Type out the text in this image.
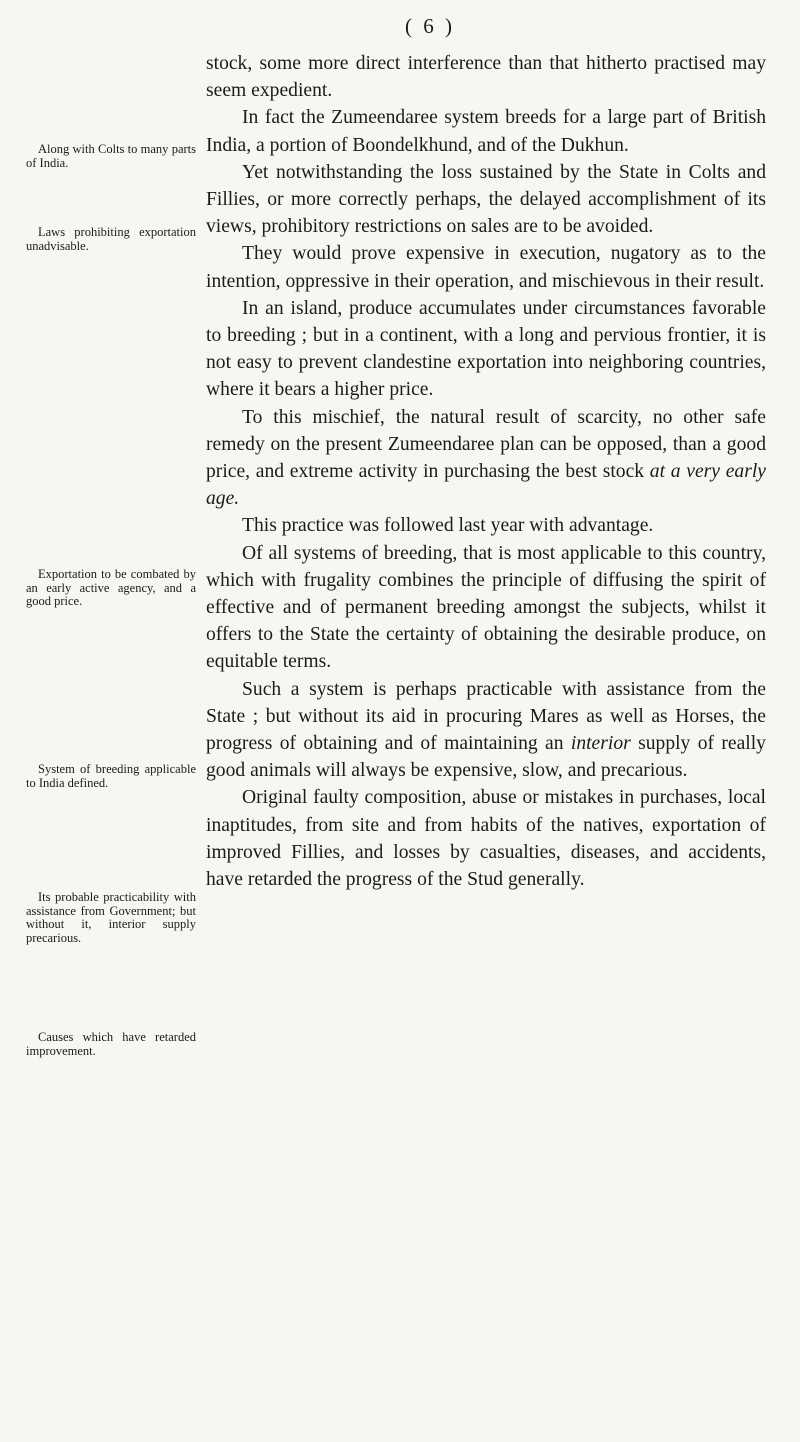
( 6 )
Along with Colts to many parts of India.
Laws prohibiting exportation unadvisable.
Exportation to be combated by an early active agency, and a good price.
System of breeding applicable to India defined.
Its probable practicability with assistance from Government; but without it, interior supply precarious.
Causes which have retarded improvement.

stock, some more direct interference than that hitherto practised may seem expedient.

In fact the Zumeendaree system breeds for a large part of British India, a portion of Boondelkhund, and of the Dukhun.

Yet notwithstanding the loss sustained by the State in Colts and Fillies, or more correctly perhaps, the delayed accomplishment of its views, prohibitory restrictions on sales are to be avoided.

They would prove expensive in execution, nugatory as to the intention, oppressive in their operation, and mischievous in their result.

In an island, produce accumulates under circumstances favorable to breeding ; but in a continent, with a long and pervious frontier, it is not easy to prevent clandestine exportation into neighboring countries, where it bears a higher price.

To this mischief, the natural result of scarcity, no other safe remedy on the present Zumeendaree plan can be opposed, than a good price, and extreme activity in purchasing the best stock at a very early age.

This practice was followed last year with advantage.

Of all systems of breeding, that is most applicable to this country, which with frugality combines the principle of diffusing the spirit of effective and of permanent breeding amongst the subjects, whilst it offers to the State the certainty of obtaining the desirable produce, on equitable terms.

Such a system is perhaps practicable with assistance from the State ; but without its aid in procuring Mares as well as Horses, the progress of obtaining and of maintaining an interior supply of really good animals will always be expensive, slow, and precarious.

Original faulty composition, abuse or mistakes in purchases, local inaptitudes, from site and from habits of the natives, exportation of improved Fillies, and losses by casualties, diseases, and accidents, have retarded the progress of the Stud generally.
